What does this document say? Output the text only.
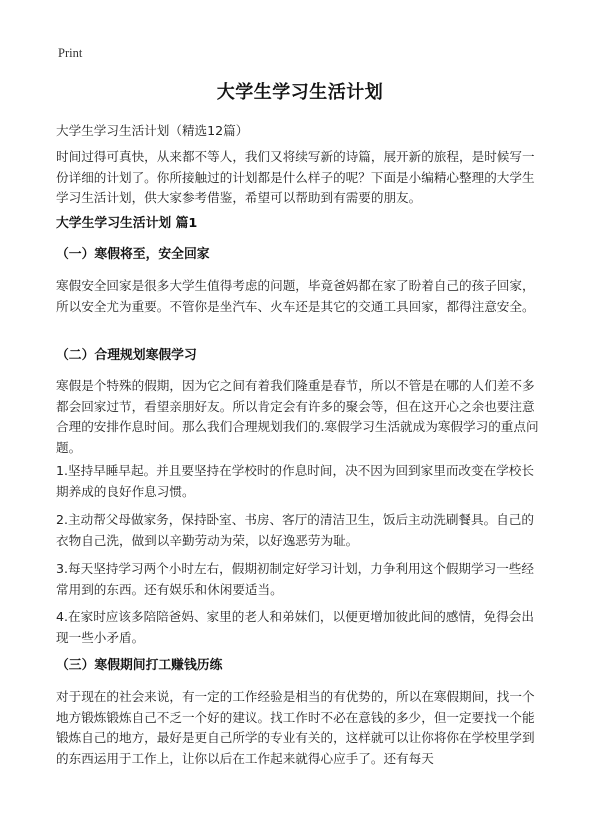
Print
大学生学习生活计划

大学生学习生活计划（精选12篇）

时间过得可真快，从来都不等人，我们又将续写新的诗篇，展开新的旅程，是时候写一份详细的计划了。你所接触过的计划都是什么样子的呢？下面是小编精心整理的大学生学习生活计划，供大家参考借鉴，希望可以帮助到有需要的朋友。

大学生学习生活计划 篇1

（一）寒假将至，安全回家

寒假安全回家是很多大学生值得考虑的问题，毕竟爸妈都在家了盼着自己的孩子回家，所以安全尤为重要。不管你是坐汽车、火车还是其它的交通工具回家，都得注意安全。

（二）合理规划寒假学习

寒假是个特殊的假期，因为它之间有着我们隆重是春节，所以不管是在哪的人们差不多都会回家过节，看望亲朋好友。所以肯定会有许多的聚会等，但在这开心之余也要注意合理的安排作息时间。那么我们合理规划我们的.寒假学习生活就成为寒假学习的重点问题。

1.坚持早睡早起。并且要坚持在学校时的作息时间，决不因为回到家里而改变在学校长期养成的良好作息习惯。

2.主动帮父母做家务，保持卧室、书房、客厅的清洁卫生，饭后主动洗刷餐具。自己的衣物自己洗，做到以辛勤劳动为荣，以好逸恶劳为耻。

3.每天坚持学习两个小时左右，假期初制定好学习计划，力争利用这个假期学习一些经常用到的东西。还有娱乐和休闲要适当。

4.在家时应该多陪陪爸妈、家里的老人和弟妹们，以便更增加彼此间的感情，免得会出现一些小矛盾。

（三）寒假期间打工赚钱历练

对于现在的社会来说，有一定的工作经验是相当的有优势的，所以在寒假期间，找一个地方锻炼锻炼自己不乏一个好的建议。找工作时不必在意钱的多少，但一定要找一个能锻炼自己的地方，最好是更自己所学的专业有关的，这样就可以让你将你在学校里学到的东西运用于工作上，让你以后在工作起来就得心应手了。还有每天
